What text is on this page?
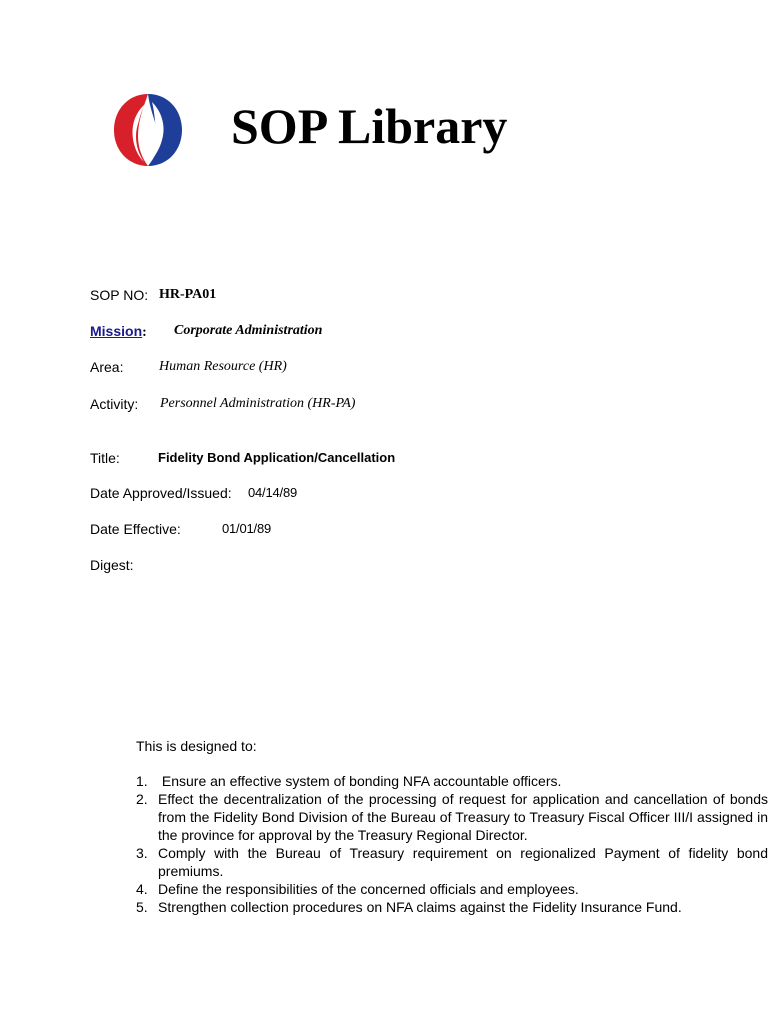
SOP Library
SOP NO: HR-PA01
Mission: Corporate Administration
Area:	Human Resource (HR)
Activity: Personnel Administration (HR-PA)
Title:	Fidelity Bond Application/Cancellation
Date Approved/Issued: 04/14/89
Date Effective:	01/01/89
Digest:
This is designed to:
1. Ensure an effective system of bonding NFA accountable officers.
2. Effect the decentralization of the processing of request for application and cancellation of bonds from the Fidelity Bond Division of the Bureau of Treasury to Treasury Fiscal Officer III/I assigned in the province for approval by the Treasury Regional Director.
3. Comply with the Bureau of Treasury requirement on regionalized Payment of fidelity bond premiums.
4. Define the responsibilities of the concerned officials and employees.
5. Strengthen collection procedures on NFA claims against the Fidelity Insurance Fund.
